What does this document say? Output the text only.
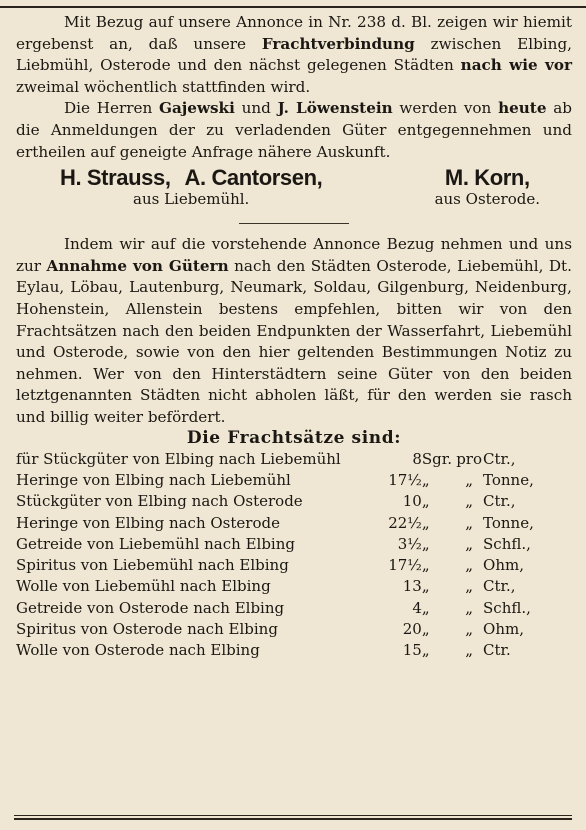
Mit Bezug auf unsere Annonce in Nr. 238 d. Bl. zeigen wir hiemit ergebenst an, daß unsere Frachtverbindung zwischen Elbing, Liebmühl, Osterode und den nächst gelegenen Städten nach wie vor zweimal wöchentlich stattfinden wird.

Die Herren Gajewski und J. Löwenstein werden von heute ab die Anmeldungen der zu verladenden Güter entgegennehmen und ertheilen auf geneigte Anfrage nähere Auskunft.

H. Strauss, A. Cantorsen,
aus Liebemühl.
M. Korn,
aus Osterode.

Indem wir auf die vorstehende Annonce Bezug nehmen und uns zur Annahme von Gütern nach den Städten Osterode, Liebemühl, Dt. Eylau, Löbau, Lautenburg, Neumark, Soldau, Gilgenburg, Neidenburg, Hohenstein, Allenstein bestens empfehlen, bitten wir von den Frachtsätzen nach den beiden Endpunkten der Wasserfahrt, Liebemühl und Osterode, sowie von den hier geltenden Bestimmungen Notiz zu nehmen. Wer von den Hinterstädtern seine Güter von den beiden letztgenannten Städten nicht abholen läßt, für den werden sie rasch und billig weiter befördert.

Die Frachtsätze sind:
für Stückgüter von Elbing nach Liebemühl	8	Sgr.	pro	Ctr.,
Heringe von Elbing nach Liebemühl	17½	„	„	Tonne,
Stückgüter von Elbing nach Osterode	10	„	„	Ctr.,
Heringe von Elbing nach Osterode	22½	„	„	Tonne,
Getreide von Liebemühl nach Elbing	3½	„	„	Schfl.,
Spiritus von Liebemühl nach Elbing	17½	„	„	Ohm,
Wolle von Liebemühl nach Elbing	13	„	„	Ctr.,
Getreide von Osterode nach Elbing	4	„	„	Schfl.,
Spiritus von Osterode nach Elbing	20	„	„	Ohm,
Wolle von Osterode nach Elbing	15	„	„	Ctr.
